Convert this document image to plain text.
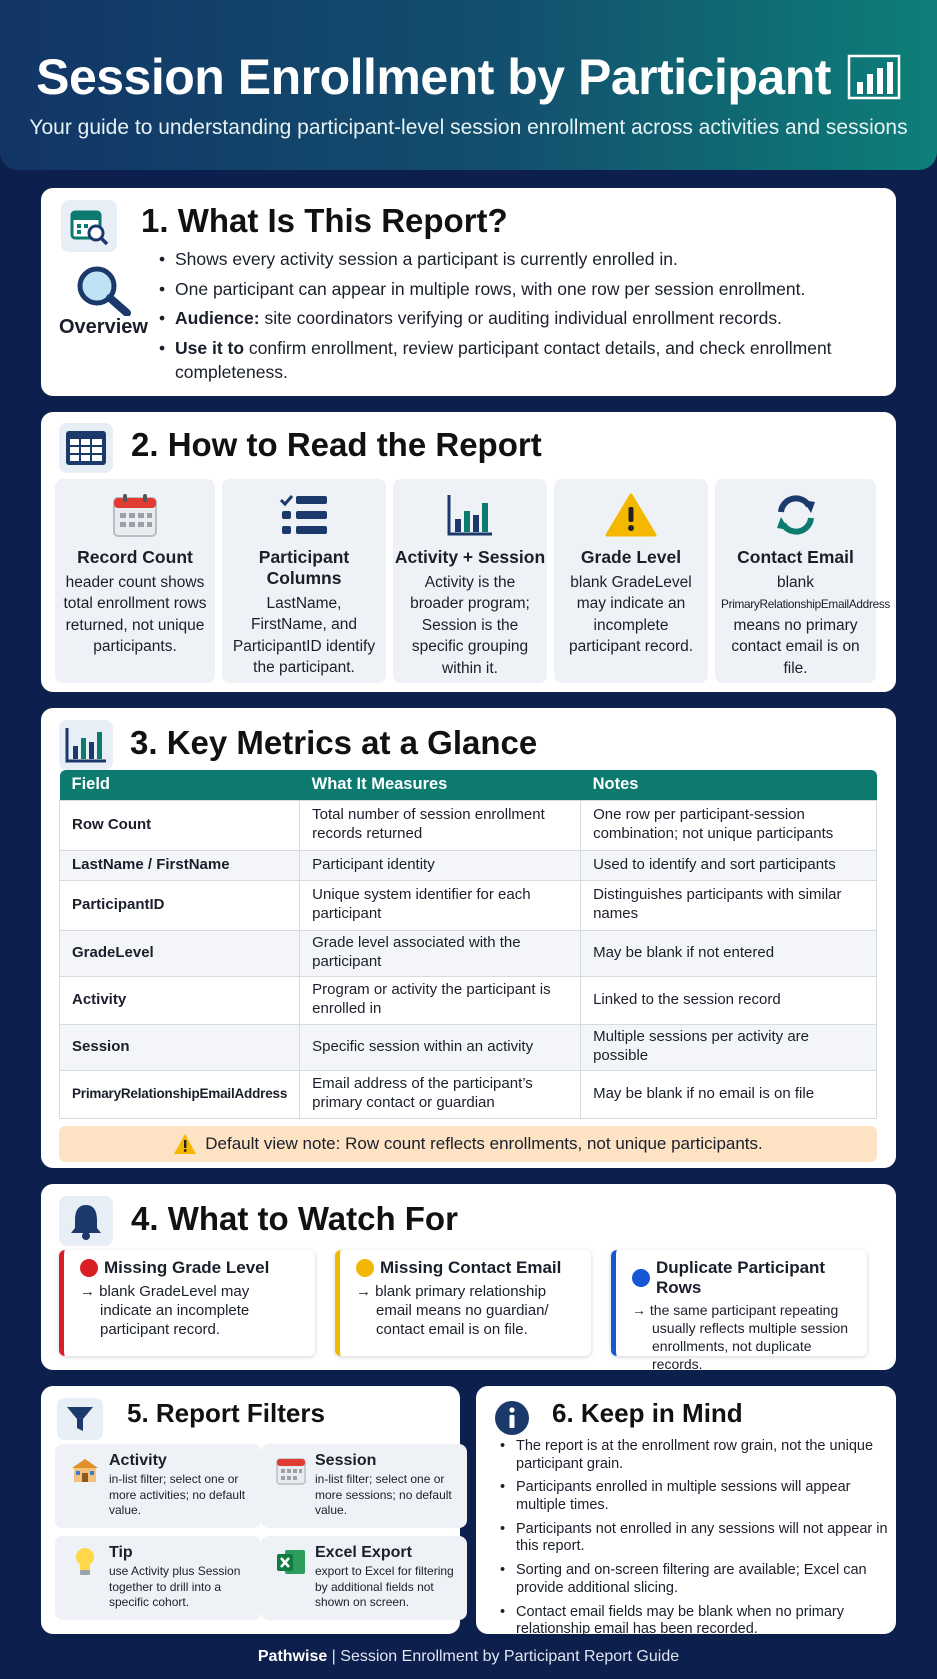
Session Enrollment by Participant
Your guide to understanding participant-level session enrollment across activities and sessions
1. What Is This Report?
Overview
• Shows every activity session a participant is currently enrolled in.
• One participant can appear in multiple rows, with one row per session enrollment.
• Audience: site coordinators verifying or auditing individual enrollment records.
• Use it to confirm enrollment, review participant contact details, and check enrollment completeness.
2. How to Read the Report
Record Count

header count shows total enrollment rows returned, not unique participants.

Participant Columns

LastName, FirstName, and ParticipantID identify the participant.

Activity + Session

Activity is the broader program; Session is the specific grouping within it.

Grade Level

blank GradeLevel may indicate an incomplete participant record.

Contact Email

blank
PrimaryRelationshipEmailAddress
means no primary contact email is on file.

3. Key Metrics at a Glance
Field	What It Measures	Notes
Row Count	Total number of session enrollment records returned	One row per participant-session combination; not unique participants
LastName / FirstName	Participant identity	Used to identify and sort participants
ParticipantID	Unique system identifier for each participant	Distinguishes participants with similar names
GradeLevel	Grade level associated with the participant	May be blank if not entered
Activity	Program or activity the participant is enrolled in	Linked to the session record
Session	Specific session within an activity	Multiple sessions per activity are possible
PrimaryRelationshipEmailAddress	Email address of the participant’s primary contact or guardian	May be blank if no email is on file
Default view note: Row count reflects enrollments, not unique participants.
4. What to Watch For
Missing Grade Level

→ blank GradeLevel may indicate an incomplete participant record.

Missing Contact Email

→ blank primary relationship email means no guardian/ contact email is on file.

Duplicate Participant Rows

→ the same participant repeating usually reflects multiple session enrollments, not duplicate records.

5. Report Filters
Activity

in-list filter; select one or more activities; no default value.

Session

in-list filter; select one or more sessions; no default value.

Tip

use Activity plus Session together to drill into a specific cohort.

Excel Export

export to Excel for filtering by additional fields not shown on screen.

6. Keep in Mind
• The report is at the enrollment row grain, not the unique participant grain.
• Participants enrolled in multiple sessions will appear multiple times.
• Participants not enrolled in any sessions will not appear in this report.
• Sorting and on-screen filtering are available; Excel can provide additional slicing.
• Contact email fields may be blank when no primary relationship email has been recorded.
Pathwise | Session Enrollment by Participant Report Guide
